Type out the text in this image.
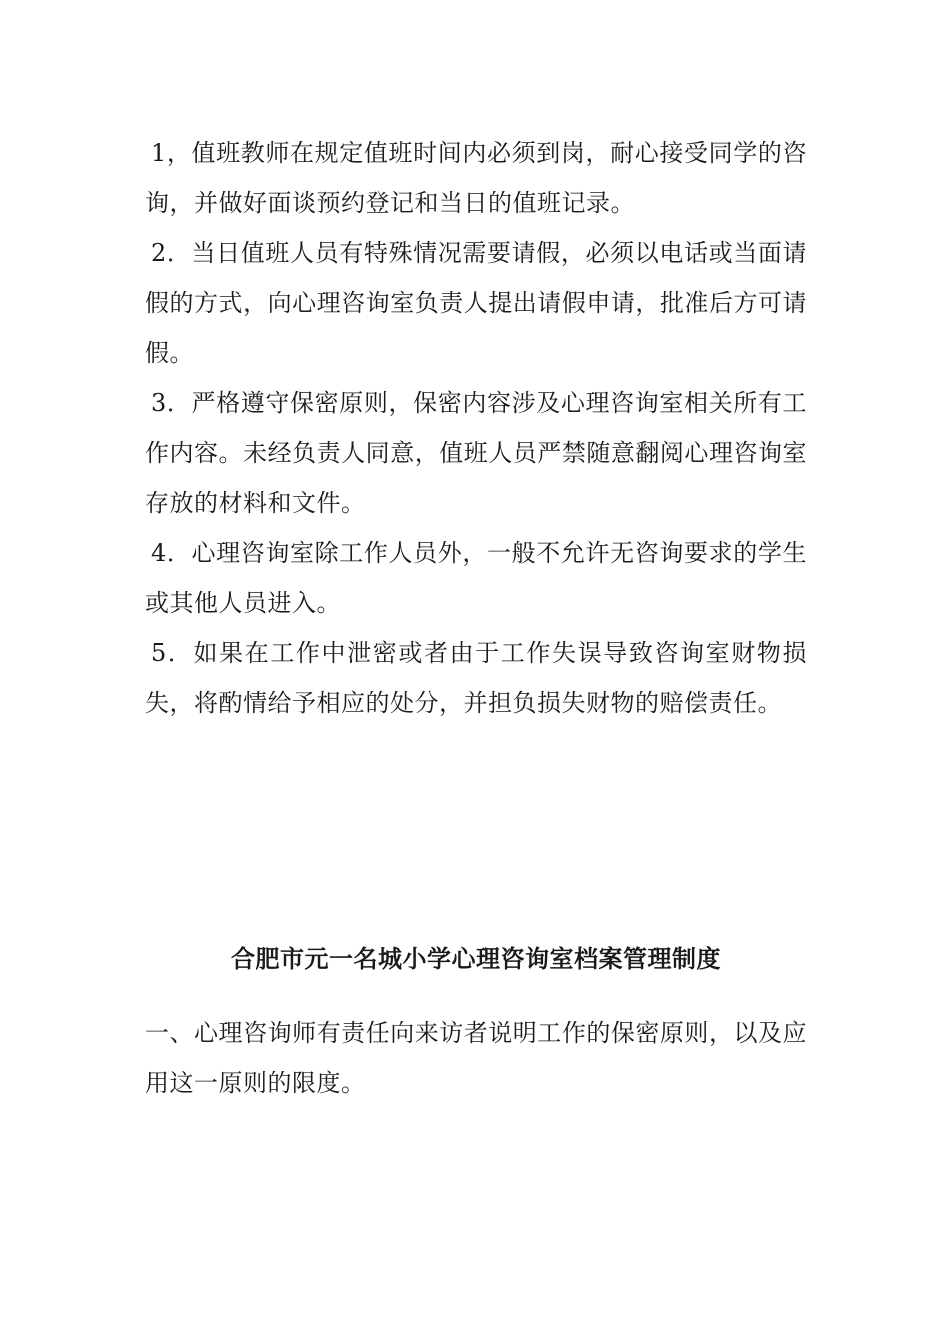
1，值班教师在规定值班时间内必须到岗，耐心接受同学的咨询，并做好面谈预约登记和当日的值班记录。

2．当日值班人员有特殊情况需要请假，必须以电话或当面请假的方式，向心理咨询室负责人提出请假申请，批准后方可请假。

3．严格遵守保密原则，保密内容涉及心理咨询室相关所有工作内容。未经负责人同意，值班人员严禁随意翻阅心理咨询室存放的材料和文件。

4．心理咨询室除工作人员外，一般不允许无咨询要求的学生或其他人员进入。

5．如果在工作中泄密或者由于工作失误导致咨询室财物损失，将酌情给予相应的处分，并担负损失财物的赔偿责任。

合肥市元一名城小学心理咨询室档案管理制度

一、心理咨询师有责任向来访者说明工作的保密原则，以及应用这一原则的限度。
